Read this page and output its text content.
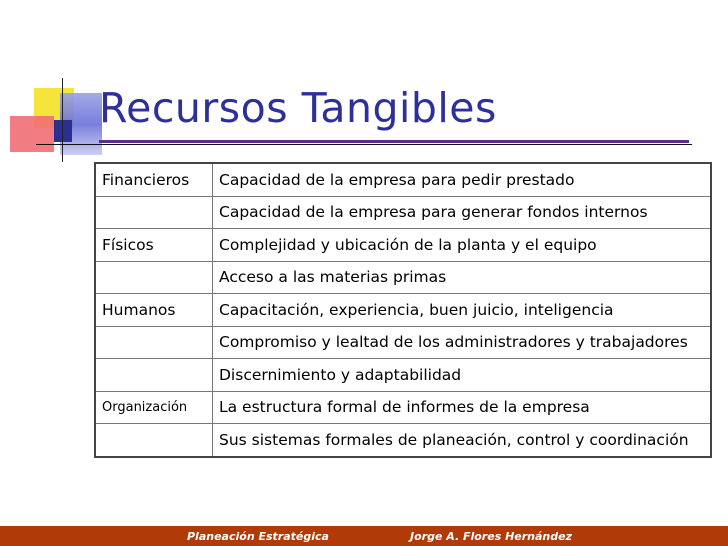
Recursos Tangibles
Financieros	Capacidad de la empresa para pedir prestado
	Capacidad de la empresa para generar fondos internos
Físicos	Complejidad y ubicación de la planta y el equipo
	Acceso a las materias primas
Humanos	Capacitación, experiencia, buen juicio, inteligencia
	Compromiso y lealtad de los administradores y trabajadores
	Discernimiento y adaptabilidad
Organización	La estructura formal de informes de la empresa
	Sus sistemas formales de planeación, control y coordinación
Planeación Estratégica	Jorge A. Flores Hernández
